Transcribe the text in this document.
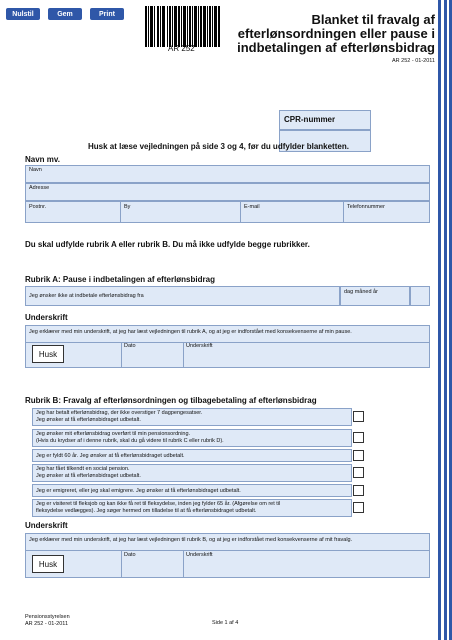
Nulstil	Gem	Print
AR 252
Blanket til fravalg af
efterlønsordningen eller pause i
indbetalingen af efterlønsbidrag
AR 252 - 01-2011
CPR-nummer
Husk at læse vejledningen på side 3 og 4, før du udfylder blanketten.
Navn mv.
Navn
Adresse
Postnr.	By	E-mail	Telefonnummer
Du skal udfylde rubrik A eller rubrik B. Du må ikke udfylde begge rubrikker.
Rubrik A: Pause i indbetalingen af efterlønsbidrag
Jeg ønsker ikke at indbetale efterlønsbidrag fra
dag måned år
Underskrift
Jeg erklærer med min underskrift, at jeg har læst vejledningen til rubrik A, og at jeg er indforstået med konsekvenserne af min pause.
Dato	Underskrift
Husk
Rubrik B: Fravalg af efterlønsordningen og tilbagebetaling af efterlønsbidrag
Jeg har betalt efterlønsbidrag, der ikke overstiger 7 dagpengesatser.
Jeg ønsker at få efterlønsbidraget udbetalt.
Jeg ønsker mit efterlønsbidrag overført til min pensionsordning.
(Hvis du krydser af i denne rubrik, skal du gå videre til rubrik C eller rubrik D).
Jeg er fyldt 60 år. Jeg ønsker at få efterlønsbidraget udbetalt.
Jeg har fået tilkendt en social pension.
Jeg ønsker at få efterlønsbidraget udbetalt.
Jeg er emigreret, eller jeg skal emigrere. Jeg ønsker at få efterlønsbidraget udbetalt.
Jeg er visiteret til fleksjob og kan ikke få ret til fleksydelse, inden jeg fylder 65 år. (Afgørelse om ret til
fleksydelse vedlægges). Jeg søger hermed om tilladelse til at få efterlønsbidraget udbetalt.
Underskrift
Jeg erklærer med min underskrift, at jeg har læst vejledningen til rubrik B, og at jeg er indforstået med konsekvenserne af mit fravalg.
Dato	Underskrift
Husk
Pensionsstyrelsen
AR 252 - 01-2011	Side 1 af 4
